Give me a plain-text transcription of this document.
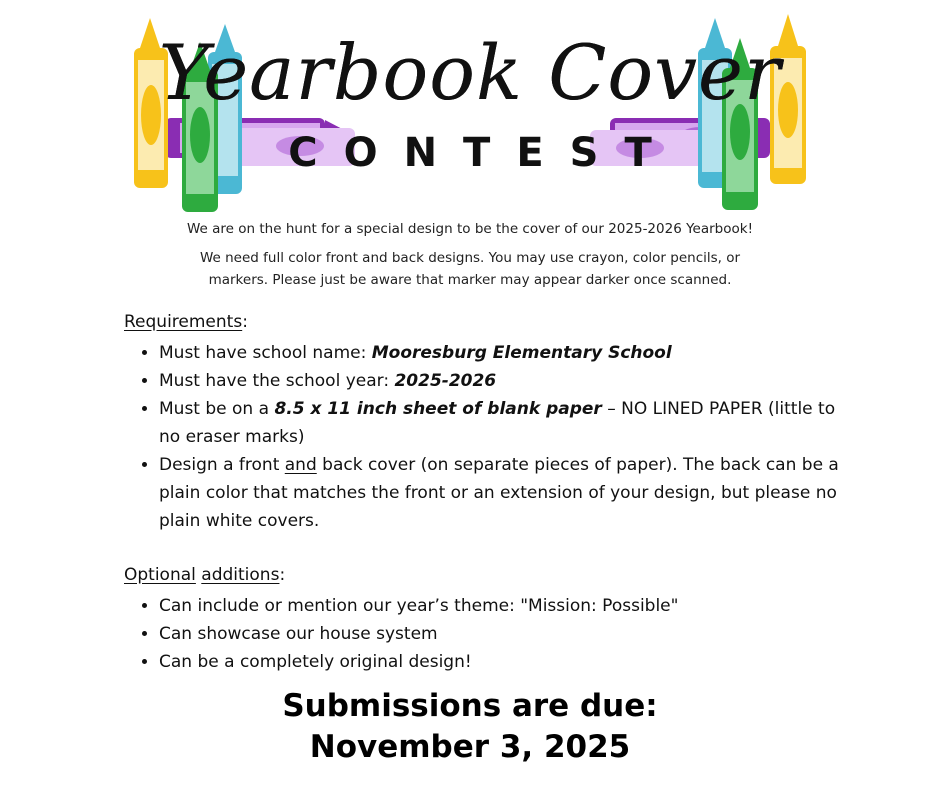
Yearbook Cover
CONTEST
We are on the hunt for a special design to be the cover of our 2025-2026 Yearbook!
We need full color front and back designs. You may use crayon, color pencils, or markers. Please just be aware that marker may appear darker once scanned.
Requirements:
• Must have school name: Mooresburg Elementary School
• Must have the school year: 2025-2026
• Must be on a 8.5 x 11 inch sheet of blank paper – NO LINED PAPER (little to no eraser marks)
• Design a front and back cover (on separate pieces of paper). The back can be a plain color that matches the front or an extension of your design, but please no plain white covers.
Optional additions:
• Can include or mention our year’s theme: "Mission: Possible"
• Can showcase our house system
• Can be a completely original design!
Submissions are due:
November 3, 2025
